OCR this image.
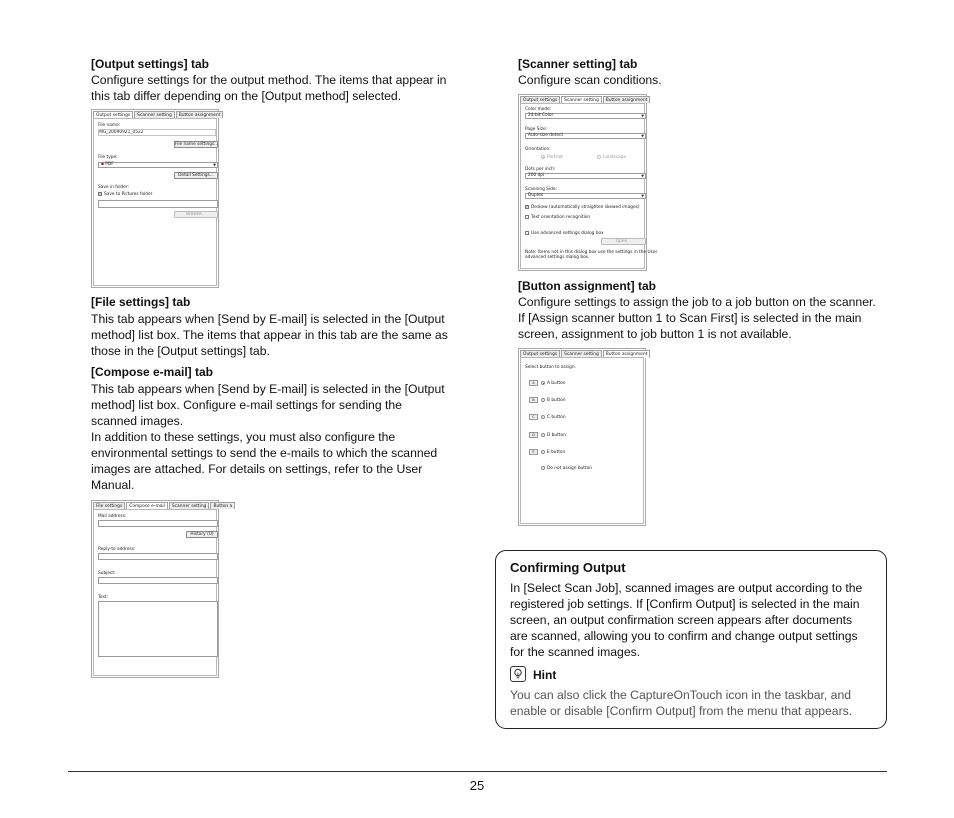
[Output settings] tab
Configure settings for the output method. The items that appear in
this tab differ depending on the [Output method] selected.
Output settings	Scanner setting	Button assignment
File name:
IMG_20090921_0522
File name settings...
File type:
▪ PDF	▼
Detail Settings...
Save in folder:
✓
Save to Pictures folder
Browse...
[File settings] tab
This tab appears when [Send by E-mail] is selected in the [Output
method] list box. The items that appear in this tab are the same as
those in the [Output settings] tab.
[Compose e-mail] tab
This tab appears when [Send by E-mail] is selected in the [Output
method] list box. Configure e-mail settings for sending the
scanned images.
In addition to these settings, you must also configure the
environmental settings to send the e-mails to which the scanned
images are attached. For details on settings, refer to the User
Manual.
File settings	Compose e-mail	Scanner setting	Button a
Mail address:
History (U)
Reply-to address:
Subject:
Text:
[Scanner setting] tab
Configure scan conditions.
Output settings	Scanner setting	Button assignment
Color mode:
24-bit Color	▼
Page Size:
Auto-size detect	▼
Orientation:
Portrait	Landscape
Dots per inch:
200 dpi	▼
Scanning Side:
Duplex	▼
✓
Deskew (automatically straighten skewed images)
Text orientation recognition
Use advanced settings dialog box
Open...
Note: Items not in this dialog box use the settings in the User
advanced settings dialog box.
[Button assignment] tab
Configure settings to assign the job to a job button on the scanner.
If [Assign scanner button 1 to Scan First] is selected in the main
screen, assignment to job button 1 is not available.
Output settings	Scanner setting	Button assignment
Select button to assign.
A	A button
B	B button
C	C button
D	D button
E	E button
Do not assign button
Confirming Output
In [Select Scan Job], scanned images are output according to the
registered job settings. If [Confirm Output] is selected in the main
screen, an output confirmation screen appears after documents
are scanned, allowing you to confirm and change output settings
for the scanned images.
Hint
You can also click the CaptureOnTouch icon in the taskbar, and
enable or disable [Confirm Output] from the menu that appears.
25
